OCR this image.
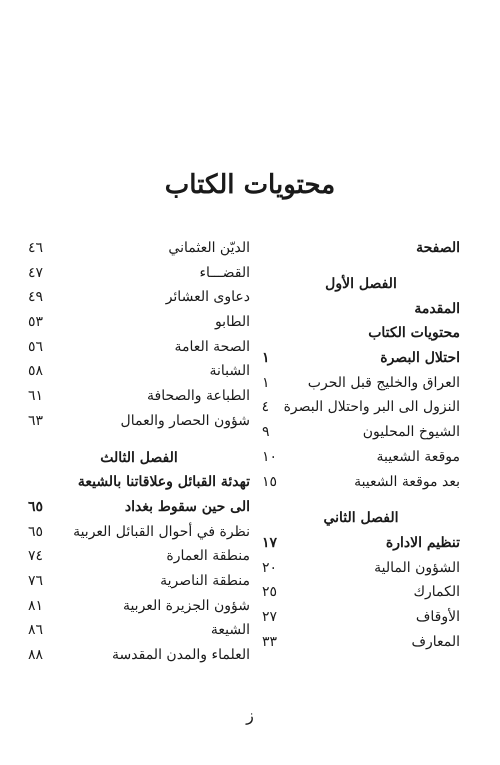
محتويات الكتاب
الصفحة
الفصل الأول
المقدمة
محتويات الكتاب
احتلال البصرة
١
العراق والخليج قبل الحرب
١
النزول الى البر واحتلال البصرة
٤
الشيوخ المحليون
٩
موقعة الشعيبة
١٠
بعد موقعة الشعيبة
١٥
الفصل الثاني
تنظيم الادارة
١٧
الشؤون المالية
٢٠
الكمارك
٢٥
الأوقاف
٢٧
المعارف
٣٣
الديّن العثماني
٤٦
القضـــاء
٤٧
دعاوى العشائر
٤٩
الطابو
٥٣
الصحة العامة
٥٦
الشبانة
٥٨
الطباعة والصحافة
٦١
شؤون الحصار والعمال
٦٣
الفصل الثالث
تهدئة القبائل وعلاقاتنا بالشيعة
الى حين سقوط بغداد
٦٥
نظرة في أحوال القبائل العربية
٦٥
منطقة العمارة
٧٤
منطقة الناصرية
٧٦
شؤون الجزيرة العربية
٨١
الشيعة
٨٦
العلماء والمدن المقدسة
٨٨
ز
